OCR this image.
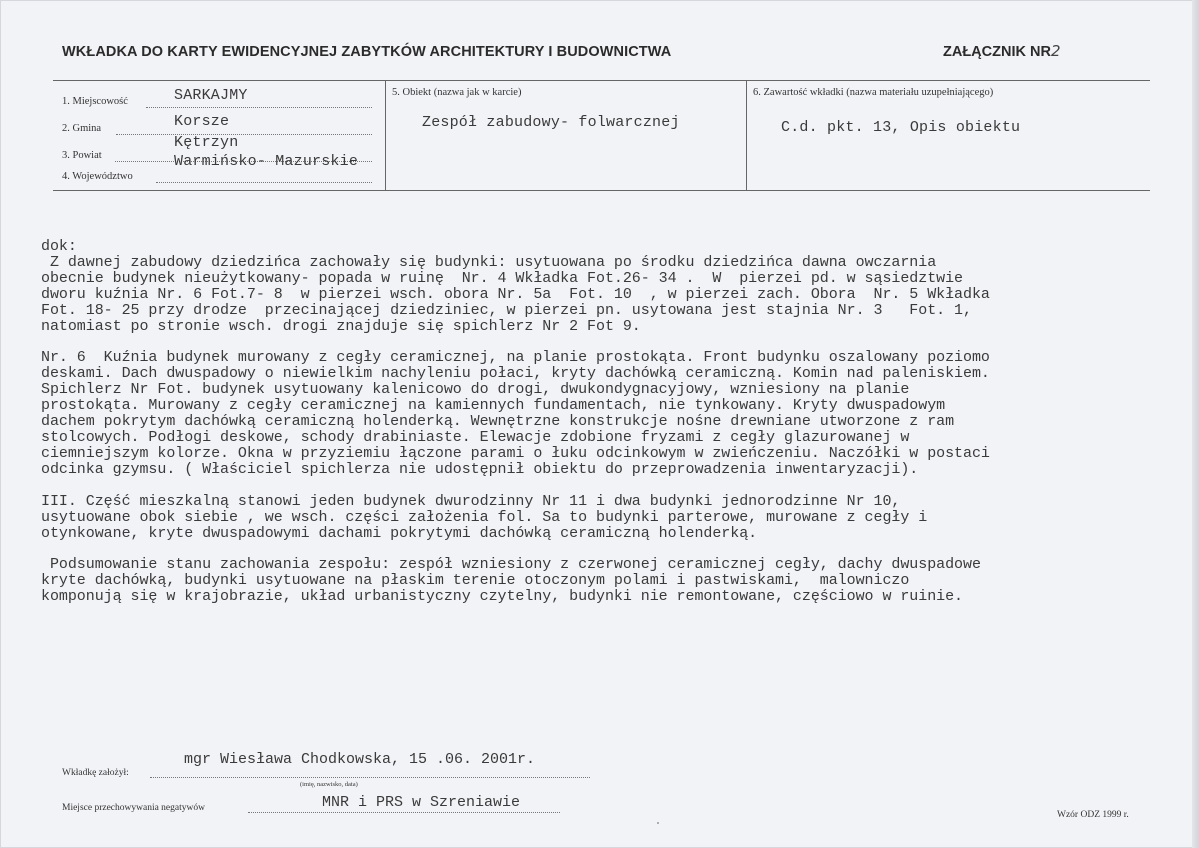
WKŁADKA DO KARTY EWIDENCYJNEJ ZABYTKÓW ARCHITEKTURY I BUDOWNICTWA	ZAŁĄCZNIK NR2
1. Miejscowość	SARKAJMY
2. Gmina	Korsze
3. Powiat
Kętrzyn
4. Województwo
Warmińsko- Mazurskie
5. Obiekt (nazwa jak w karcie)
Zespół zabudowy- folwarcznej
6. Zawartość wkładki (nazwa materiału uzupełniającego)
C.d. pkt. 13, Opis obiektu

dok:

Z dawnej zabudowy dziedzińca zachowały się budynki: usytuowana po środku dziedzińca dawna owczarnia

obecnie budynek nieużytkowany- popada w ruinę  Nr. 4 Wkładka Fot.26- 34 .  W  pierzei pd. w sąsiedztwie

dworu kuźnia Nr. 6 Fot.7- 8  w pierzei wsch. obora Nr. 5a  Fot. 10  , w pierzei zach. Obora  Nr. 5 Wkładka

Fot. 18- 25 przy drodze  przecinającej dziedziniec, w pierzei pn. usytowana jest stajnia Nr. 3   Fot. 1,

natomiast po stronie wsch. drogi znajduje się spichlerz Nr 2 Fot 9.

Nr. 6  Kuźnia budynek murowany z cegły ceramicznej, na planie prostokąta. Front budynku oszalowany poziomo

deskami. Dach dwuspadowy o niewielkim nachyleniu połaci, kryty dachówką ceramiczną. Komin nad paleniskiem.

Spichlerz Nr Fot. budynek usytuowany kalenicowo do drogi, dwukondygnacyjowy, wzniesiony na planie

prostokąta. Murowany z cegły ceramicznej na kamiennych fundamentach, nie tynkowany. Kryty dwuspadowym

dachem pokrytym dachówką ceramiczną holenderką. Wewnętrzne konstrukcje nośne drewniane utworzone z ram

stolcowych. Podłogi deskowe, schody drabiniaste. Elewacje zdobione fryzami z cegły glazurowanej w

ciemniejszym kolorze. Okna w przyziemiu łączone parami o łuku odcinkowym w zwieńczeniu. Naczółki w postaci

odcinka gzymsu. ( Właściciel spichlerza nie udostępnił obiektu do przeprowadzenia inwentaryzacji).

III. Część mieszkalną stanowi jeden budynek dwurodzinny Nr 11 i dwa budynki jednorodzinne Nr 10,

usytuowane obok siebie , we wsch. części założenia fol. Sa to budynki parterowe, murowane z cegły i

otynkowane, kryte dwuspadowymi dachami pokrytymi dachówką ceramiczną holenderką.

Podsumowanie stanu zachowania zespołu: zespół wzniesiony z czerwonej ceramicznej cegły, dachy dwuspadowe

kryte dachówką, budynki usytuowane na płaskim terenie otoczonym polami i pastwiskami,  malowniczo

komponują się w krajobrazie, układ urbanistyczny czytelny, budynki nie remontowane, częściowo w ruinie.

Wkładkę założył:
mgr Wiesława Chodkowska, 15 .06. 2001r.
(imię, nazwisko, data)
Miejsce przechowywania negatywów	MNR i PRS w Szreniawie
Wzór ODZ 1999 r.
